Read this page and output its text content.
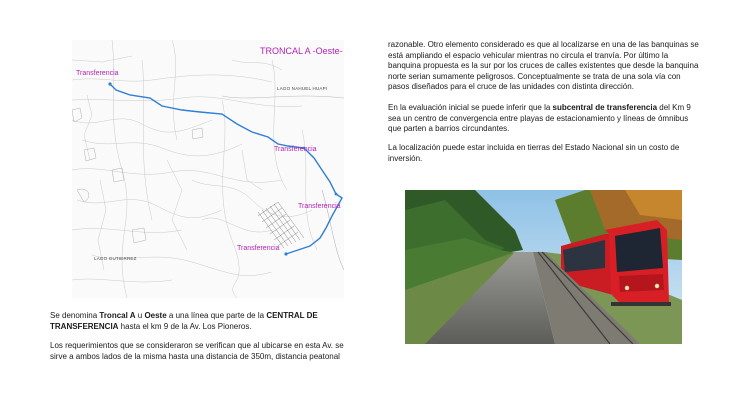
TRONCAL A -Oeste-
Transferencia
Transferencia
Transferencia
Transferencia
LAGO NAHUEL HUAPI
LAGO GUTIERREZ

Se denomina Troncal A u Oeste a una línea que parte de la CENTRAL DE TRANSFERENCIA hasta el km 9 de la Av. Los Pioneros.

Los requerimientos que se consideraron se verifican que al ubicarse en esta Av. se sirve a ambos lados de la misma hasta una distancia de 350m, distancia peatonal

razonable. Otro elemento considerado es que al localizarse en una de las banquinas se está ampliando el espacio vehicular mientras no circula el tranvía. Por último la banquina propuesta es la sur por los cruces de calles existentes que desde la banquina norte serian sumamente peligrosos. Conceptualmente se trata de una sola vía con pasos diseñados para el cruce de las unidades con distinta dirección.

En la evaluación inicial se puede inferir que la subcentral de transferencia del Km 9 sea un centro de convergencia entre playas de estacionamiento y líneas de ómnibus que parten a barrios circundantes.

La localización puede estar incluida en tierras del Estado Nacional sin un costo de inversión.
